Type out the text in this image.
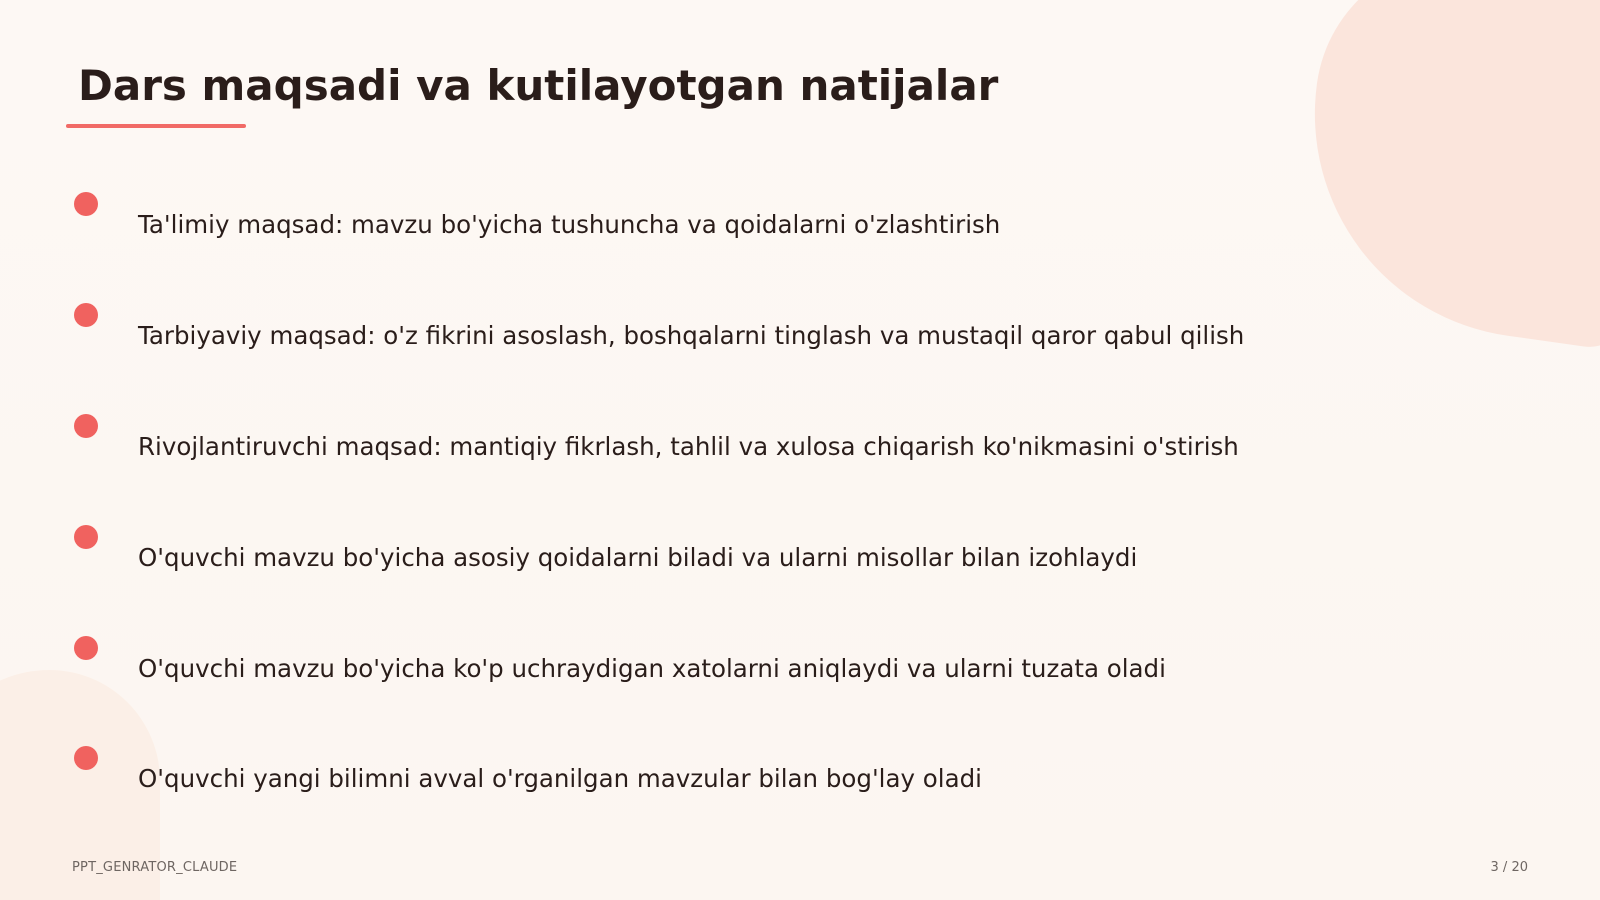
Dars maqsadi va kutilayotgan natijalar
Ta'limiy maqsad: mavzu bo'yicha tushuncha va qoidalarni o'zlashtirish
Tarbiyaviy maqsad: o'z fikrini asoslash, boshqalarni tinglash va mustaqil qaror qabul qilish
Rivojlantiruvchi maqsad: mantiqiy fikrlash, tahlil va xulosa chiqarish ko'nikmasini o'stirish
O'quvchi mavzu bo'yicha asosiy qoidalarni biladi va ularni misollar bilan izohlaydi
O'quvchi mavzu bo'yicha ko'p uchraydigan xatolarni aniqlaydi va ularni tuzata oladi
O'quvchi yangi bilimni avval o'rganilgan mavzular bilan bog'lay oladi
PPT_GENRATOR_CLAUDE	3 / 20
